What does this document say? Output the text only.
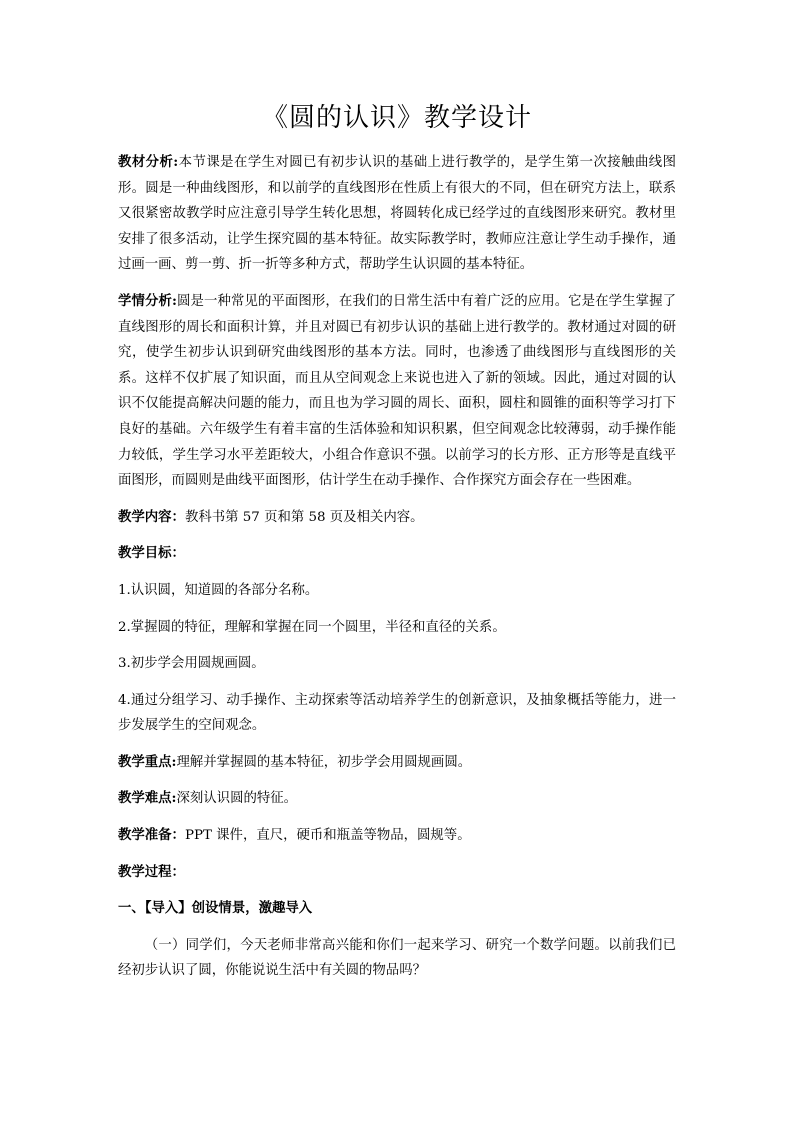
《圆的认识》教学设计

教材分析:本节课是在学生对圆已有初步认识的基础上进行教学的，是学生第一次接触曲线图形。圆是一种曲线图形，和以前学的直线图形在性质上有很大的不同，但在研究方法上，联系又很紧密故教学时应注意引导学生转化思想，将圆转化成已经学过的直线图形来研究。教材里安排了很多活动，让学生探究圆的基本特征。故实际教学时，教师应注意让学生动手操作，通过画一画、剪一剪、折一折等多种方式，帮助学生认识圆的基本特征。

学情分析:圆是一种常见的平面图形，在我们的日常生活中有着广泛的应用。它是在学生掌握了直线图形的周长和面积计算，并且对圆已有初步认识的基础上进行教学的。教材通过对圆的研究，使学生初步认识到研究曲线图形的基本方法。同时，也渗透了曲线图形与直线图形的关系。这样不仅扩展了知识面，而且从空间观念上来说也进入了新的领域。因此，通过对圆的认识不仅能提高解决问题的能力，而且也为学习圆的周长、面积，圆柱和圆锥的面积等学习打下良好的基础。六年级学生有着丰富的生活体验和知识积累，但空间观念比较薄弱，动手操作能力较低，学生学习水平差距较大，小组合作意识不强。以前学习的长方形、正方形等是直线平面图形，而圆则是曲线平面图形，估计学生在动手操作、合作探究方面会存在一些困难。

教学内容：教科书第 57 页和第 58 页及相关内容。

教学目标：

1.认识圆，知道圆的各部分名称。

2.掌握圆的特征，理解和掌握在同一个圆里，半径和直径的关系。

3.初步学会用圆规画圆。

4.通过分组学习、动手操作、主动探索等活动培养学生的创新意识，及抽象概括等能力，进一步发展学生的空间观念。

教学重点:理解并掌握圆的基本特征，初步学会用圆规画圆。

教学难点:深刻认识圆的特征。

教学准备：PPT 课件，直尺，硬币和瓶盖等物品，圆规等。

教学过程：

一、【导入】创设情景，激趣导入

（一）同学们，今天老师非常高兴能和你们一起来学习、研究一个数学问题。以前我们已经初步认识了圆，你能说说生活中有关圆的物品吗？
